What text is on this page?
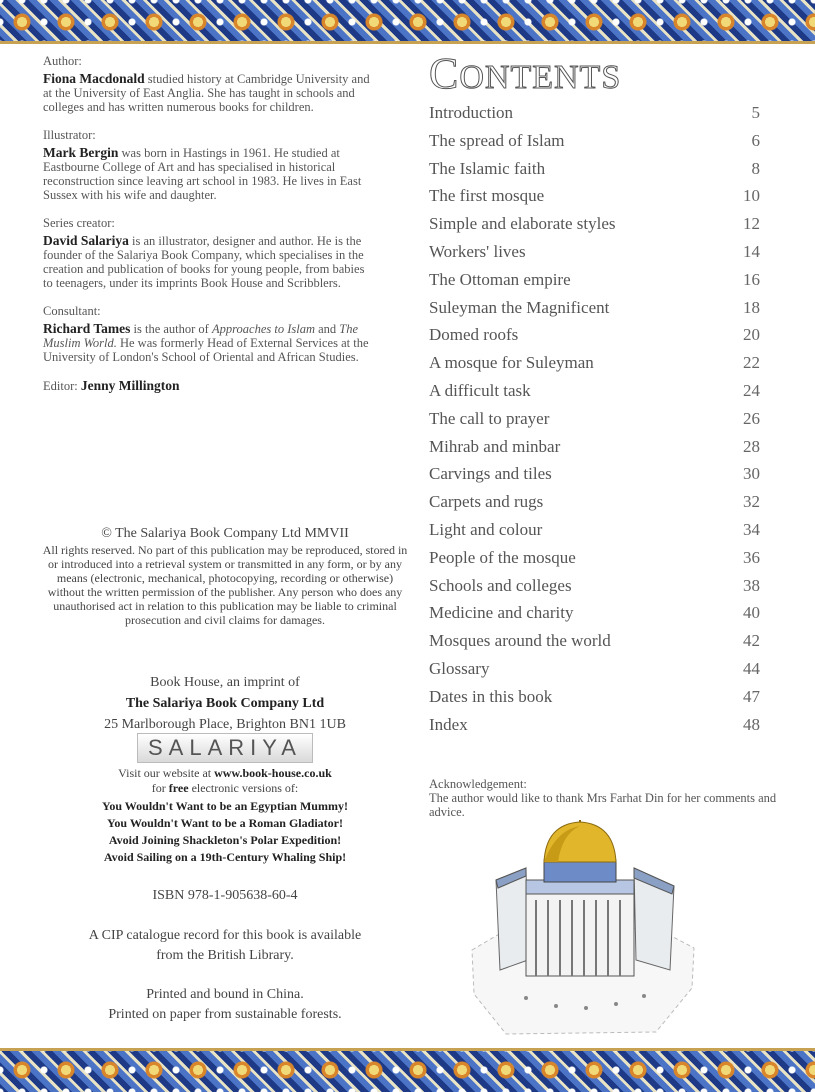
Author:
Fiona Macdonald studied history at Cambridge University and at the University of East Anglia. She has taught in schools and colleges and has written numerous books for children.
Illustrator:
Mark Bergin was born in Hastings in 1961. He studied at Eastbourne College of Art and has specialised in historical reconstruction since leaving art school in 1983. He lives in East Sussex with his wife and daughter.
Series creator:
David Salariya is an illustrator, designer and author. He is the founder of the Salariya Book Company, which specialises in the creation and publication of books for young people, from babies to teenagers, under its imprints Book House and Scribblers.
Consultant:
Richard Tames is the author of Approaches to Islam and The Muslim World. He was formerly Head of External Services at the University of London's School of Oriental and African Studies.
Editor: Jenny Millington
© The Salariya Book Company Ltd MMVII
All rights reserved. No part of this publication may be reproduced, stored in or introduced into a retrieval system or transmitted in any form, or by any means (electronic, mechanical, photocopying, recording or otherwise) without the written permission of the publisher. Any person who does any unauthorised act in relation to this publication may be liable to criminal prosecution and civil claims for damages.
Book House, an imprint of
The Salariya Book Company Ltd
25 Marlborough Place, Brighton BN1 1UB
SALARIYA
Visit our website at www.book-house.co.uk
for free electronic versions of:
You Wouldn't Want to be an Egyptian Mummy!
You Wouldn't Want to be a Roman Gladiator!
Avoid Joining Shackleton's Polar Expedition!
Avoid Sailing on a 19th-Century Whaling Ship!
ISBN 978-1-905638-60-4
A CIP catalogue record for this book is available
from the British Library.
Printed and bound in China.
Printed on paper from sustainable forests.
CONTENTS
Introduction	5
The spread of Islam	6
The Islamic faith	8
The first mosque	10
Simple and elaborate styles	12
Workers' lives	14
The Ottoman empire	16
Suleyman the Magnificent	18
Domed roofs	20
A mosque for Suleyman	22
A difficult task	24
The call to prayer	26
Mihrab and minbar	28
Carvings and tiles	30
Carpets and rugs	32
Light and colour	34
People of the mosque	36
Schools and colleges	38
Medicine and charity	40
Mosques around the world	42
Glossary	44
Dates in this book	47
Index	48
Acknowledgement:
The author would like to thank Mrs Farhat Din for her comments and advice.
